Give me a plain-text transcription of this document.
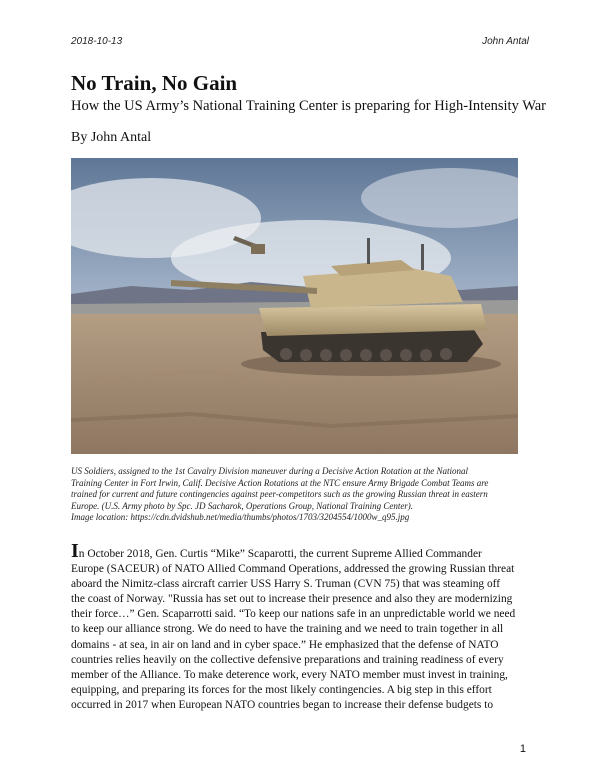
2018-10-13	John Antal
No Train, No Gain

How the US Army’s National Training Center is preparing for High-Intensity War

By John Antal

US Soldiers, assigned to the 1st Cavalry Division maneuver during a Decisive Action Rotation at the National
Training Center in Fort Irwin, Calif. Decisive Action Rotations at the NTC ensure Army Brigade Combat Teams are
trained for current and future contingencies against peer-competitors such as the growing Russian threat in eastern
Europe. (U.S. Army photo by Spc. JD Sacharok, Operations Group, National Training Center).
Image location: https://cdn.dvidshub.net/media/thumbs/photos/1703/3204554/1000w_q95.jpg
In October 2018, Gen. Curtis “Mike” Scaparotti, the current Supreme Allied Commander
Europe (SACEUR) of NATO Allied Command Operations, addressed the growing Russian threat
aboard the Nimitz-class aircraft carrier USS Harry S. Truman (CVN 75) that was steaming off
the coast of Norway. "Russia has set out to increase their presence and also they are modernizing
their force…” Gen. Scaparrotti said. “To keep our nations safe in an unpredictable world we need
to keep our alliance strong. We do need to have the training and we need to train together in all
domains - at sea, in air on land and in cyber space.” He emphasized that the defense of NATO
countries relies heavily on the collective defensive preparations and training readiness of every
member of the Alliance. To make deterence work, every NATO member must invest in training,
equipping, and preparing its forces for the most likely contingencies. A big step in this effort
occurred in 2017 when European NATO countries began to increase their defense budgets to
1
